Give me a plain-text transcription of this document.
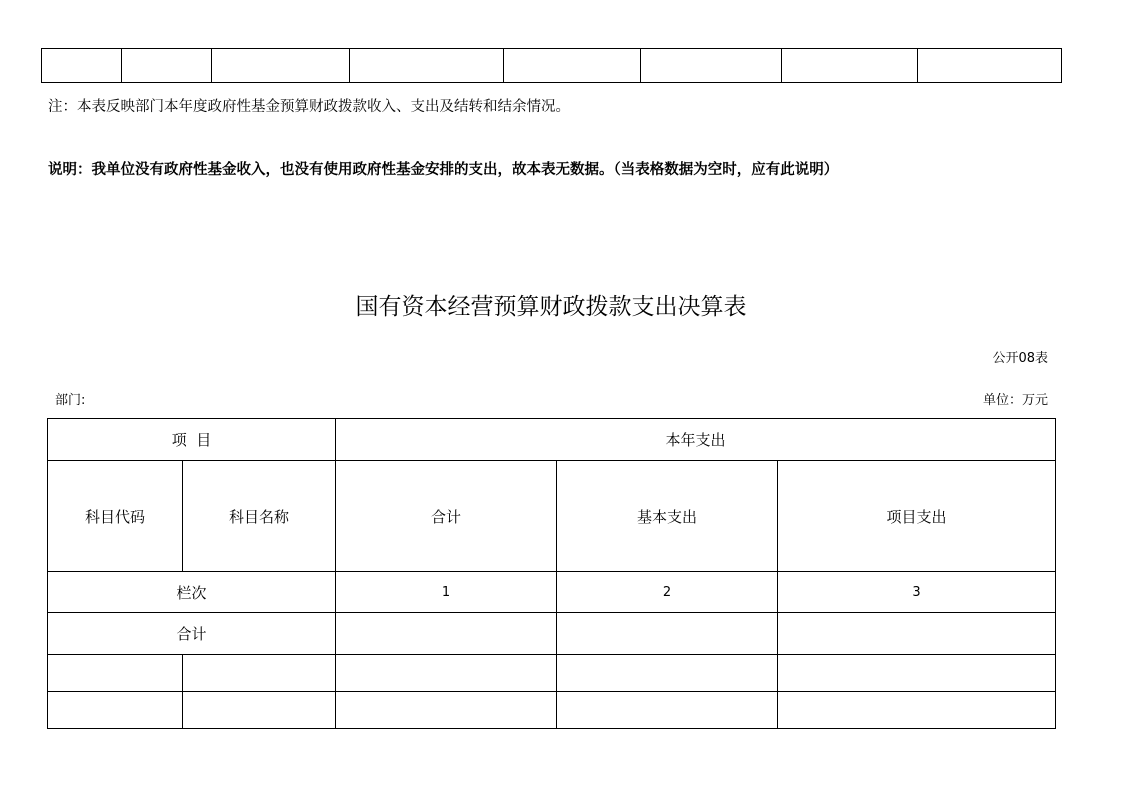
注：本表反映部门本年度政府性基金预算财政拨款收入、支出及结转和结余情况。
说明：我单位没有政府性基金收入，也没有使用政府性基金安排的支出，故本表无数据。（当表格数据为空时，应有此说明）
国有资本经营预算财政拨款支出决算表
公开08表
部门:	单位：万元
项  目		本年支出		
科目代码	科目名称	合计	基本支出	项目支出
栏次		1	2	3
合计				
